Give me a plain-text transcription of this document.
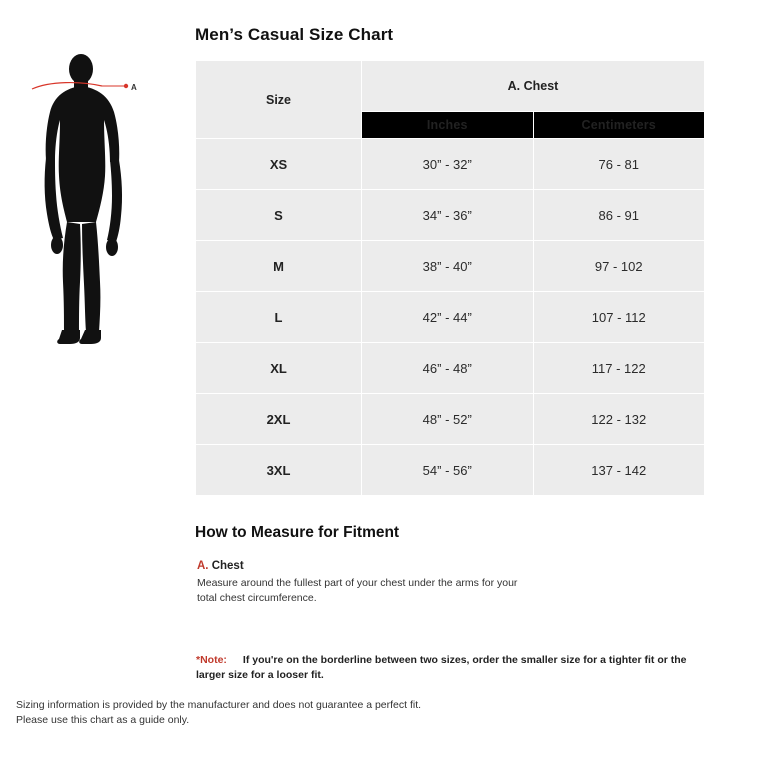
A
Men’s Casual Size Chart
Size	A. Chest	
	Inches	Centimeters
XS	30” - 32”	76 - 81
S	34” - 36”	86 - 91
M	38” - 40”	97 - 102
L	42” - 44”	107 - 112
XL	46” - 48”	117 - 122
2XL	48” - 52”	122 - 132
3XL	54” - 56”	137 - 142
How to Measure for Fitment
A. Chest
Measure around the fullest part of your chest under the arms for your total chest circumference.
*Note: If you're on the borderline between two sizes, order the smaller size for a tighter fit or the larger size for a looser fit.
Sizing information is provided by the manufacturer and does not guarantee a perfect fit.
Please use this chart as a guide only.
